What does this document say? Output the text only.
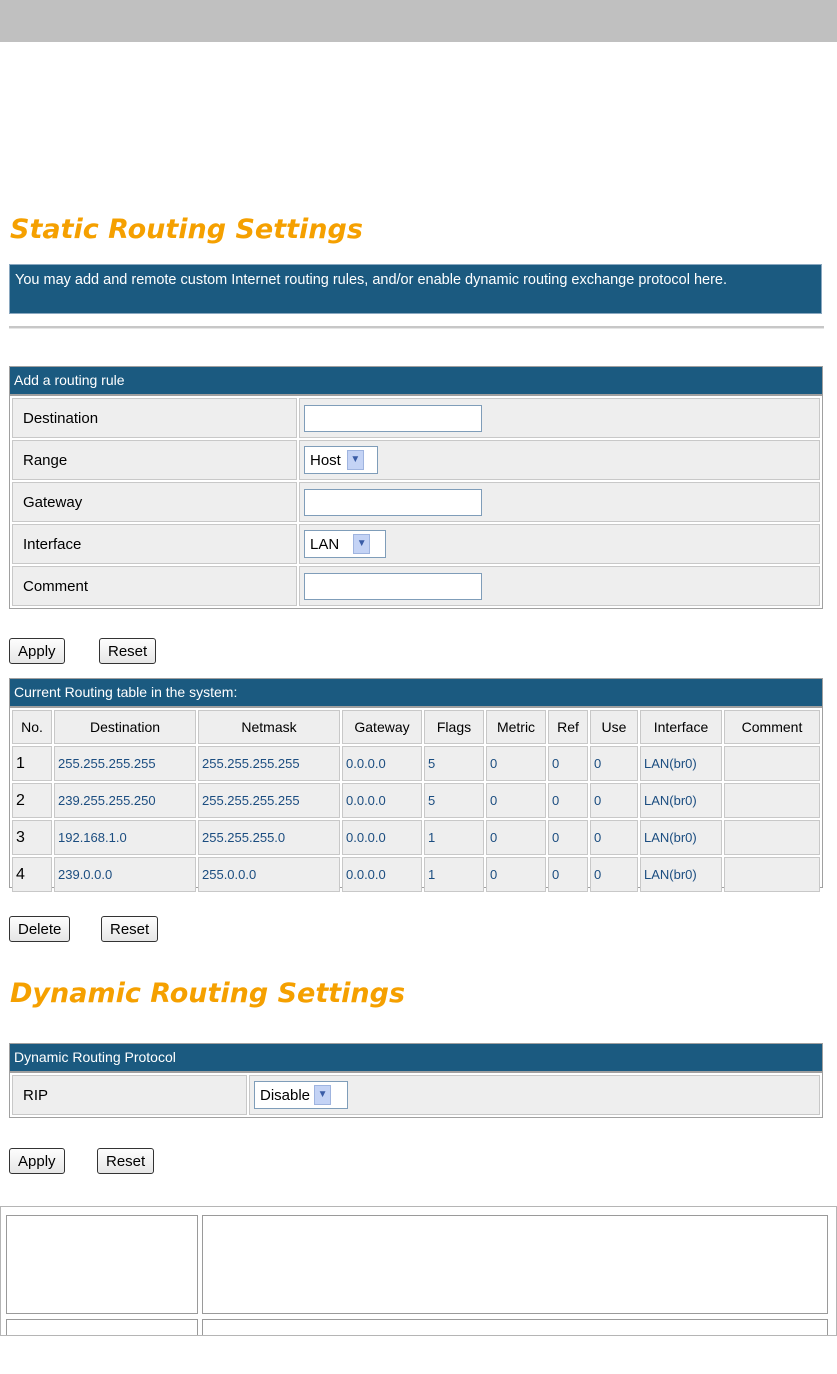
Static Routing Settings
You may add and remote custom Internet routing rules, and/or enable dynamic routing exchange protocol here.
Add a routing rule
Destination	
Range	Host ▼

Gateway	
Interface	LAN ▼

Comment	
Apply	Reset
Current Routing table in the system:
No.	Destination	Netmask	Gateway	Flags	Metric	Ref	Use	Interface	Comment
1	255.255.255.255	255.255.255.255	0.0.0.0	5	0	0	0	LAN(br0)	
2	239.255.255.250	255.255.255.255	0.0.0.0	5	0	0	0	LAN(br0)	
3	192.168.1.0	255.255.255.0	0.0.0.0	1	0	0	0	LAN(br0)	
4	239.0.0.0	255.0.0.0	0.0.0.0	1	0	0	0	LAN(br0)	
Delete	Reset
Dynamic Routing Settings
Dynamic Routing Protocol
RIP	Disable ▼
Apply	Reset
